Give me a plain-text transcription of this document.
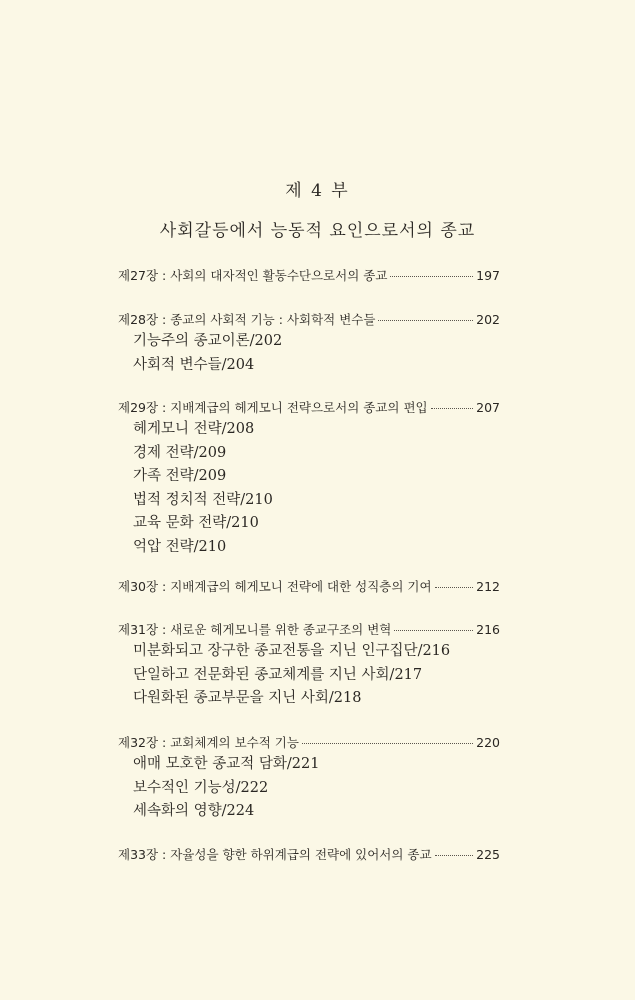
제 4 부
사회갈등에서 능동적 요인으로서의 종교
제27장 : 사회의 대자적인 활동수단으로서의 종교	197
제28장 : 종교의 사회적 기능 : 사회학적 변수들	202
기능주의 종교이론/202
사회적 변수들/204
제29장 : 지배계급의 헤게모니 전략으로서의 종교의 편입	207
헤게모니 전략/208
경제 전략/209
가족 전략/209
법적 정치적 전략/210
교육 문화 전략/210
억압 전략/210
제30장 : 지배계급의 헤게모니 전략에 대한 성직층의 기여	212
제31장 : 새로운 헤게모니를 위한 종교구조의 변혁	216
미분화되고 장구한 종교전통을 지닌 인구집단/216
단일하고 전문화된 종교체계를 지닌 사회/217
다원화된 종교부문을 지닌 사회/218
제32장 : 교회체계의 보수적 기능	220
애매 모호한 종교적 담화/221
보수적인 기능성/222
세속화의 영향/224
제33장 : 자율성을 향한 하위계급의 전략에 있어서의 종교	225
